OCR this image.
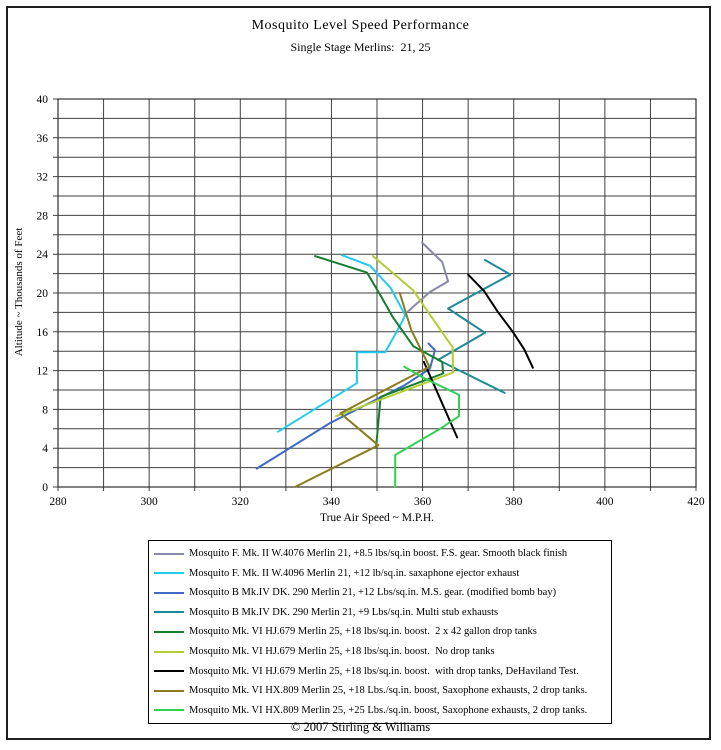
Mosquito Level Speed Performance
Single Stage Merlins:  21, 25
280	300	320	340	360	380	400	420
0
4
8
12
16
20
24
28
32
36
40
True Air Speed ~ M.P.H.
Altitude ~ Thousands of Feet
Mosquito F. Mk. II W.4076 Merlin 21, +8.5 lbs/sq.in boost. F.S. gear. Smooth black finish
Mosquito F. Mk. II W.4096 Merlin 21, +12 lb/sq.in. saxaphone ejector exhaust
Mosquito B Mk.IV DK. 290 Merlin 21, +12 Lbs/sq.in. M.S. gear. (modified bomb bay)
Mosquito B Mk.IV DK. 290 Merlin 21, +9 Lbs/sq.in. Multi stub exhausts
Mosquito Mk. VI HJ.679 Merlin 25, +18 lbs/sq.in. boost.  2 x 42 gallon drop tanks
Mosquito Mk. VI HJ.679 Merlin 25, +18 lbs/sq.in. boost.  No drop tanks
Mosquito Mk. VI HJ.679 Merlin 25, +18 lbs/sq.in. boost.  with drop tanks, DeHaviland Test.
Mosquito Mk. VI HX.809 Merlin 25, +18 Lbs./sq.in. boost, Saxophone exhausts, 2 drop tanks.
Mosquito Mk. VI HX.809 Merlin 25, +25 Lbs./sq.in. boost, Saxophone exhausts, 2 drop tanks.
© 2007 Stirling & Williams
